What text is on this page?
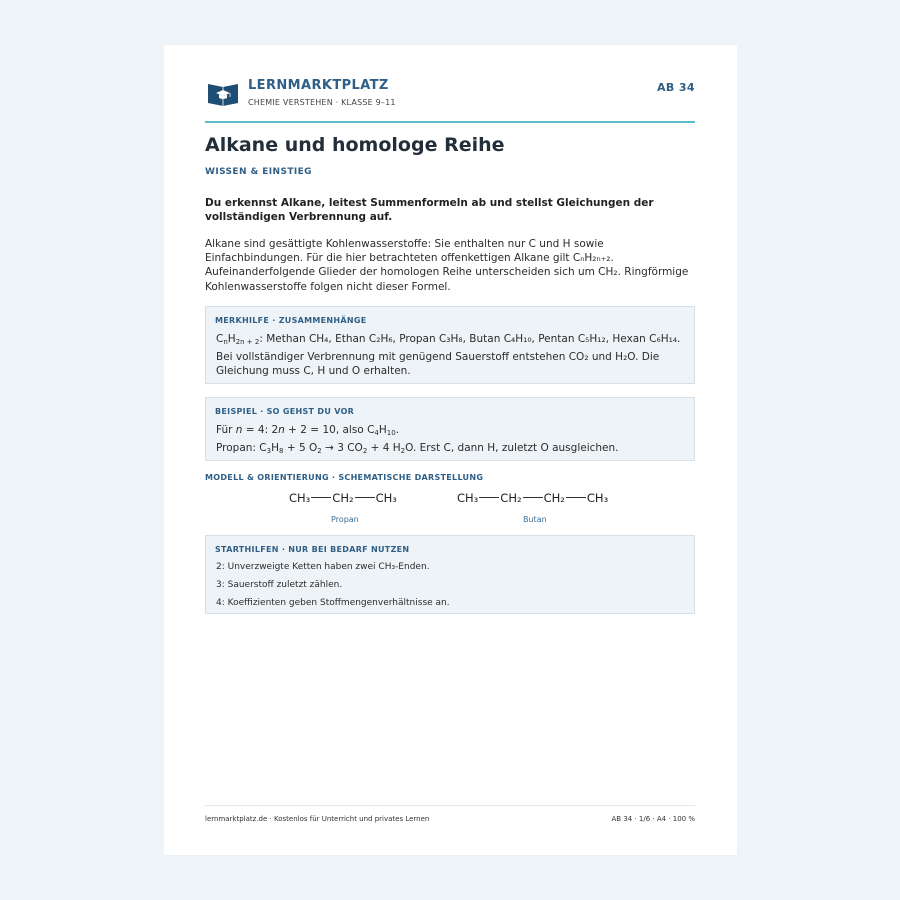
LERNMARKTPLATZ
CHEMIE VERSTEHEN · KLASSE 9–11
AB 34
Alkane und homologe Reihe
WISSEN & EINSTIEG
Du erkennst Alkane, leitest Summenformeln ab und stellst Gleichungen der vollständigen Verbrennung auf.
Alkane sind gesättigte Kohlenwasserstoffe: Sie enthalten nur C und H sowie Einfachbindungen. Für die hier betrachteten offenkettigen Alkane gilt CₙH₂ₙ₊₂. Aufeinanderfolgende Glieder der homologen Reihe unterscheiden sich um CH₂. Ringförmige Kohlenwasserstoffe folgen nicht dieser Formel.
MERKHILFE · ZUSAMMENHÄNGE
$C_nH_{2n + 2}$: Methan CH₄, Ethan C₂H₆, Propan C₃H₈, Butan C₄H₁₀, Pentan C₅H₁₂, Hexan C₆H₁₄.
Bei vollständiger Verbrennung mit genügend Sauerstoff entstehen CO₂ und H₂O. Die Gleichung muss C, H und O erhalten.
BEISPIEL · SO GEHST DU VOR
Für n = 4: 2n + 2 = 10, also $C_4H_{10}$.
Propan: $C_3H_8 + 5$ $O_2 \to 3$ $CO_2 + 4$ $H_2O$. Erst C, dann H, zuletzt O ausgleichen.
MODELL & ORIENTIERUNG · SCHEMATISCHE DARSTELLUNG
CH₃ CH₂ CH₃
Propan
CH₃ CH₂ CH₂ CH₃
Butan
STARTHILFEN · NUR BEI BEDARF NUTZEN
2: Unverzweigte Ketten haben zwei CH₃-Enden.
3: Sauerstoff zuletzt zählen.
4: Koeffizienten geben Stoffmengenverhältnisse an.
lernmarktplatz.de · Kostenlos für Unterricht und privates Lernen	AB 34 · 1/6 · A4 · 100 %
